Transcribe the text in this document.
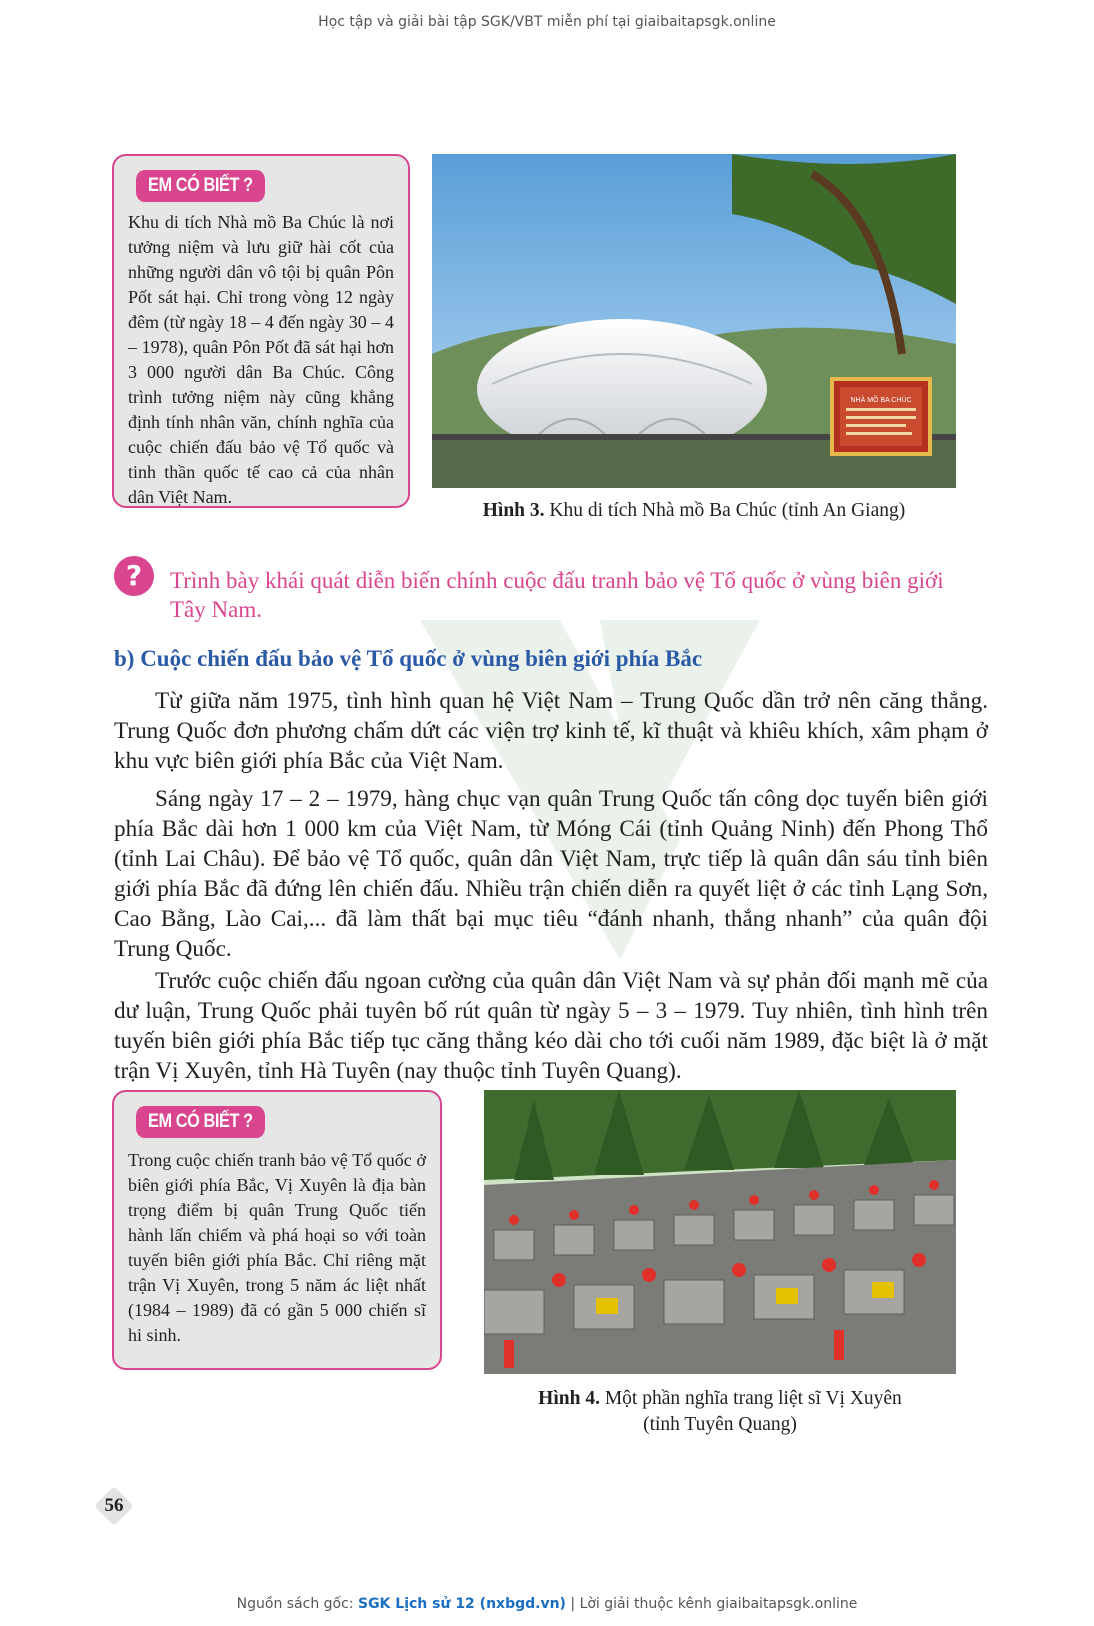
Học tập và giải bài tập SGK/VBT miễn phí tại giaibaitapsgk.online
EM CÓ BIẾT ?
Khu di tích Nhà mồ Ba Chúc là nơi tưởng niệm và lưu giữ hài cốt của những người dân vô tội bị quân Pôn Pốt sát hại. Chỉ trong vòng 12 ngày đêm (từ ngày 18 – 4 đến ngày 30 – 4 – 1978), quân Pôn Pốt đã sát hại hơn 3 000 người dân Ba Chúc. Công trình tưởng niệm này cũng khẳng định tính nhân văn, chính nghĩa của cuộc chiến đấu bảo vệ Tổ quốc và tinh thần quốc tế cao cả của nhân dân Việt Nam.
NHÀ MỒ BA CHÚC
Hình 3. Khu di tích Nhà mồ Ba Chúc (tỉnh An Giang)
?	Trình bày khái quát diễn biến chính cuộc đấu tranh bảo vệ Tổ quốc ở vùng biên giới Tây Nam.
b) Cuộc chiến đấu bảo vệ Tổ quốc ở vùng biên giới phía Bắc
Từ giữa năm 1975, tình hình quan hệ Việt Nam – Trung Quốc dần trở nên căng thẳng. Trung Quốc đơn phương chấm dứt các viện trợ kinh tế, kĩ thuật và khiêu khích, xâm phạm ở khu vực biên giới phía Bắc của Việt Nam.
Sáng ngày 17 – 2 – 1979, hàng chục vạn quân Trung Quốc tấn công dọc tuyến biên giới phía Bắc dài hơn 1 000 km của Việt Nam, từ Móng Cái (tỉnh Quảng Ninh) đến Phong Thổ (tỉnh Lai Châu). Để bảo vệ Tổ quốc, quân dân Việt Nam, trực tiếp là quân dân sáu tỉnh biên giới phía Bắc đã đứng lên chiến đấu. Nhiều trận chiến diễn ra quyết liệt ở các tỉnh Lạng Sơn, Cao Bằng, Lào Cai,... đã làm thất bại mục tiêu “đánh nhanh, thắng nhanh” của quân đội Trung Quốc.
Trước cuộc chiến đấu ngoan cường của quân dân Việt Nam và sự phản đối mạnh mẽ của dư luận, Trung Quốc phải tuyên bố rút quân từ ngày 5 – 3 – 1979. Tuy nhiên, tình hình trên tuyến biên giới phía Bắc tiếp tục căng thẳng kéo dài cho tới cuối năm 1989, đặc biệt là ở mặt trận Vị Xuyên, tỉnh Hà Tuyên (nay thuộc tỉnh Tuyên Quang).
EM CÓ BIẾT ?
Trong cuộc chiến tranh bảo vệ Tổ quốc ở biên giới phía Bắc, Vị Xuyên là địa bàn trọng điểm bị quân Trung Quốc tiến hành lấn chiếm và phá hoại so với toàn tuyến biên giới phía Bắc. Chỉ riêng mặt trận Vị Xuyên, trong 5 năm ác liệt nhất (1984 – 1989) đã có gần 5 000 chiến sĩ hi sinh.
Hình 4. Một phần nghĩa trang liệt sĩ Vị Xuyên
(tỉnh Tuyên Quang)
56
Nguồn sách gốc: SGK Lịch sử 12 (nxbgd.vn) | Lời giải thuộc kênh giaibaitapsgk.online
